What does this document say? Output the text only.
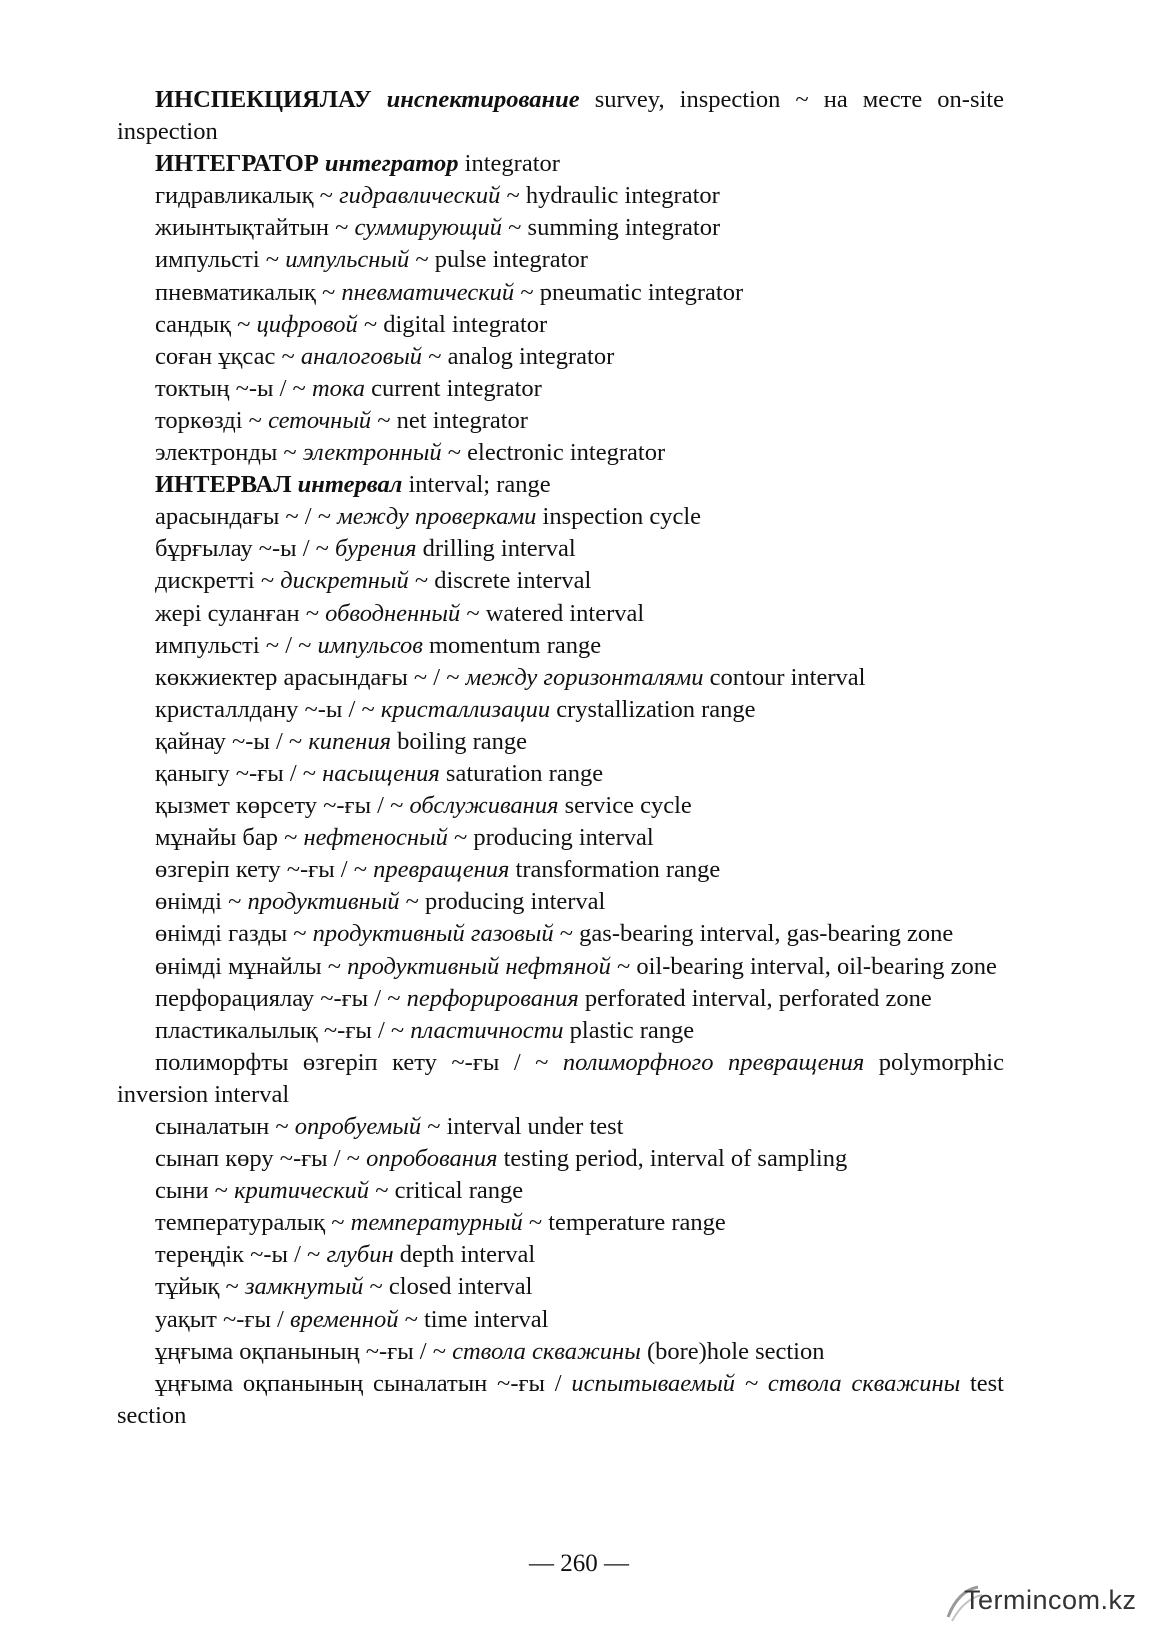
ИНСПЕКЦИЯЛАУ инспектирование survey, inspection ~ на месте on-site inspection

ИНТЕГРАТОР интегратор integrator

гидравликалық ~ гидравлический ~ hydraulic integrator

жиынтықтайтын ~ суммирующий ~ summing integrator

импульсті ~ импульсный ~ pulse integrator

пневматикалық ~ пневматический ~ pneumatic integrator

сандық ~ цифровой ~ digital integrator

соған ұқсас ~ аналоговый ~ analog integrator

токтың ~-ы / ~ тока current integrator

торкөзді ~ сеточный ~ net integrator

электронды ~ электронный ~ electronic integrator

ИНТЕРВАЛ интервал interval; range

арасындағы ~ / ~ между проверками inspection cycle

бұрғылау ~-ы / ~ бурения drilling interval

дискретті ~ дискретный ~ discrete interval

жері суланған ~ обводненный ~ watered interval

импульсті ~ / ~ импульсов momentum range

көкжиектер арасындағы ~ / ~ между горизонталями contour interval

кристаллдану ~-ы / ~ кристаллизации crystallization range

қайнау ~-ы / ~ кипения boiling range

қаныгу ~-ғы / ~ насыщения saturation range

қызмет көрсету ~-ғы / ~ обслуживания service cycle

мұнайы бар ~ нефтеносный ~ producing interval

өзгеріп кету ~-ғы / ~ превращения transformation range

өнімді ~ продуктивный ~ producing interval

өнімді газды ~ продуктивный газовый ~ gas-bearing interval, gas-bearing zone

өнімді мұнайлы ~ продуктивный нефтяной ~ oil-bearing interval, oil-bearing zone

перфорациялау ~-ғы / ~ перфорирования perforated interval, perforated zone

пластикалылық ~-ғы / ~ пластичности plastic range

полиморфты өзгеріп кету ~-ғы / ~ полиморфного превращения polymorphic inversion interval

сыналатын ~ опробуемый ~ interval under test

сынап көру ~-ғы / ~ опробования testing period, interval of sampling

сыни ~ критический ~ critical range

температуралық ~ температурный ~ temperature range

тереңдік ~-ы / ~ глубин depth interval

тұйық ~ замкнутый ~ closed interval

уақыт ~-ғы / временной ~ time interval

ұңғыма оқпанының ~-ғы / ~ ствола скважины (bore)hole section

ұңғыма оқпанының сыналатын ~-ғы / испытываемый ~ ствола скважины test section

— 260 —
Termincom.kz
